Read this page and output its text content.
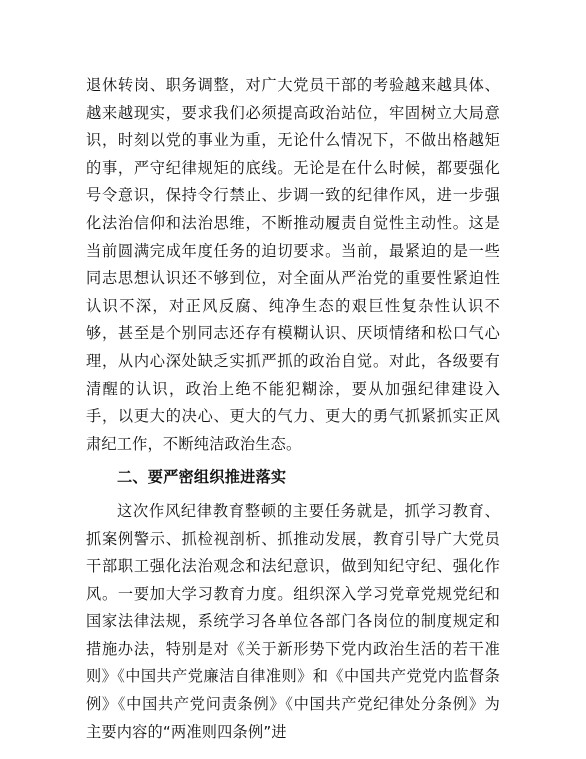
退休转岗、职务调整，对广大党员干部的考验越来越具体、越来越现实，要求我们必须提高政治站位，牢固树立大局意识，时刻以党的事业为重，无论什么情况下，不做出格越矩的事，严守纪律规矩的底线。无论是在什么时候，都要强化号令意识，保持令行禁止、步调一致的纪律作风，进一步强化法治信仰和法治思维，不断推动履责自觉性主动性。这是当前圆满完成年度任务的迫切要求。当前，最紧迫的是一些同志思想认识还不够到位，对全面从严治党的重要性紧迫性认识不深，对正风反腐、纯净生态的艰巨性复杂性认识不够，甚至是个别同志还存有模糊认识、厌顷情绪和松口气心理，从内心深处缺乏实抓严抓的政治自觉。对此，各级要有清醒的认识，政治上绝不能犯糊涂，要从加强纪律建设入手，以更大的决心、更大的气力、更大的勇气抓紧抓实正风肃纪工作，不断纯洁政治生态。

二、要严密组织推进落实

这次作风纪律教育整顿的主要任务就是，抓学习教育、抓案例警示、抓检视剖析、抓推动发展，教育引导广大党员干部职工强化法治观念和法纪意识，做到知纪守纪、强化作风。一要加大学习教育力度。组织深入学习党章党规党纪和国家法律法规，系统学习各单位各部门各岗位的制度规定和措施办法，特别是对《关于新形势下党内政治生活的若干准则》《中国共产党廉洁自律准则》和《中国共产党党内监督条例》《中国共产党问责条例》《中国共产党纪律处分条例》为主要内容的“两准则四条例”进
